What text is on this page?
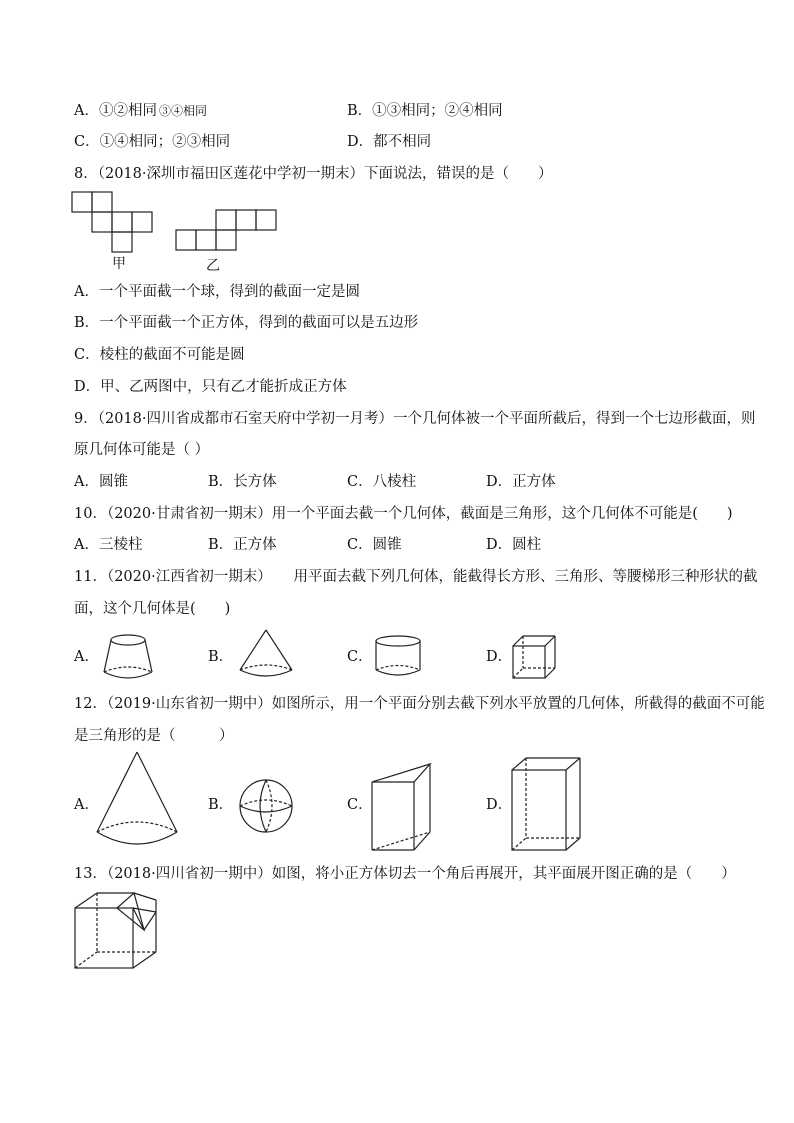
A．①②相同 ③④相同	B．①③相同；②④相同
C．①④相同；②③相同	D．都不相同
8．（2018·深圳市福田区莲花中学初一期末）下面说法，错误的是（　　）
甲	乙
A．一个平面截一个球，得到的截面一定是圆
B．一个平面截一个正方体，得到的截面可以是五边形
C．棱柱的截面不可能是圆
D．甲、乙两图中，只有乙才能折成正方体
9．（2018·四川省成都市石室天府中学初一月考）一个几何体被一个平面所截后，得到一个七边形截面，则
原几何体可能是（ ）
A．圆锥	B．长方体	C．八棱柱	D．正方体
10．（2020·甘肃省初一期末）用一个平面去截一个几何体，截面是三角形，这个几何体不可能是(　　)
A．三棱柱	B．正方体	C．圆锥	D．圆柱
11．（2020·江西省初一期末）　　用平面去截下列几何体，能截得长方形、三角形、等腰梯形三种形状的截
面，这个几何体是(　　)
A．	B．	C．	D．
12．（2019·山东省初一期中）如图所示，用一个平面分别去截下列水平放置的几何体，所截得的截面不可能
是三角形的是（　　　）
A．	B．	C．	D．
13．（2018·四川省初一期中）如图，将小正方体切去一个角后再展开，其平面展开图正确的是（　　）
